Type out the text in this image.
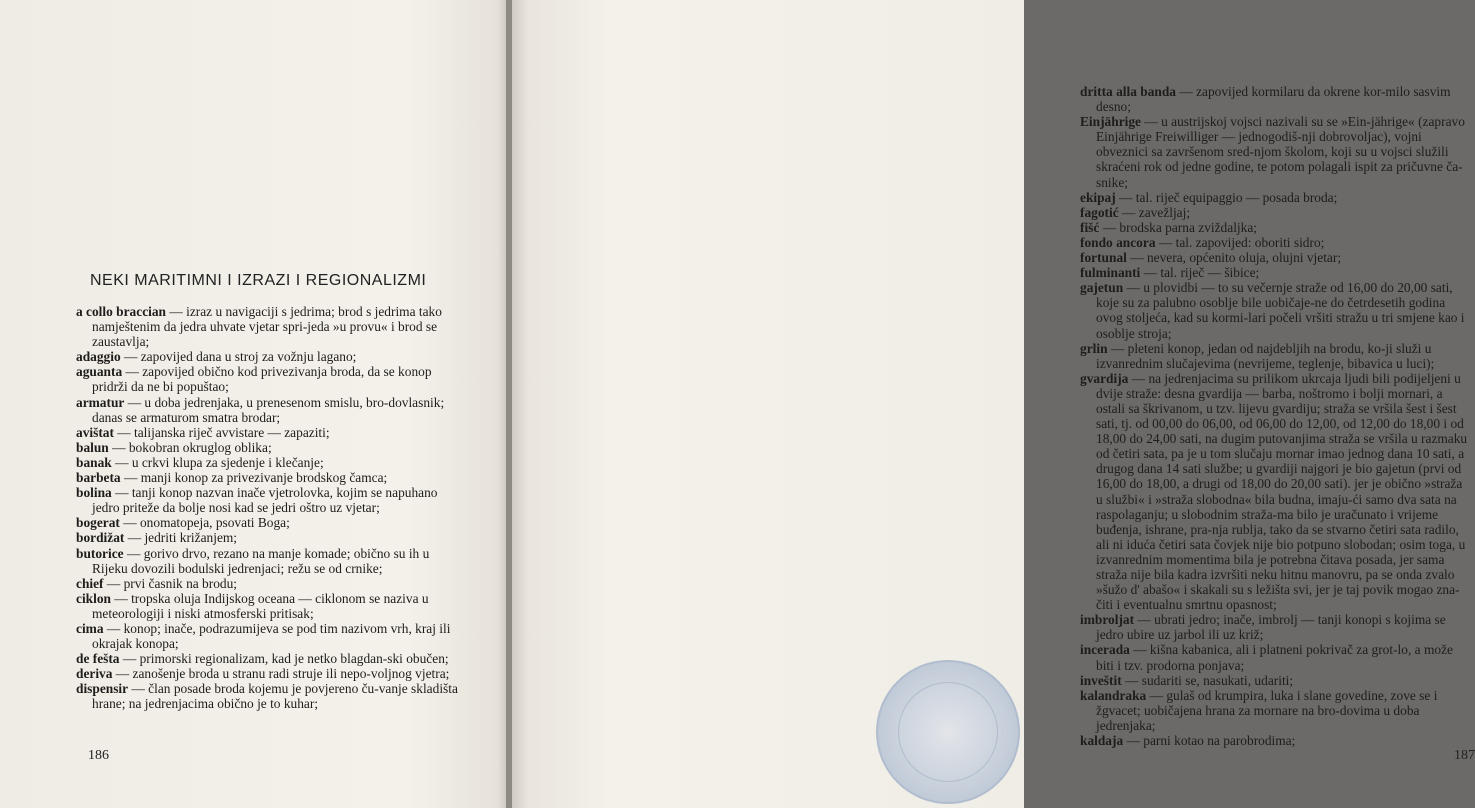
NEKI MARITIMNI I IZRAZI I REGIONALIZMI

a collo braccian — izraz u navigaciji s jedrima; brod s jedrima tako namještenim da jedra uhvate vjetar spri-jeda »u provu« i brod se zaustavlja;

adaggio — zapovijed dana u stroj za vožnju lagano;

aguanta — zapovijed obično kod privezivanja broda, da se konop pridrži da ne bi popuštao;

armatur — u doba jedrenjaka, u prenesenom smislu, bro-dovlasnik; danas se armaturom smatra brodar;

avištat — talijanska riječ avvistare — zapaziti;

balun — bokobran okruglog oblika;

banak — u crkvi klupa za sjedenje i klečanje;

barbeta — manji konop za privezivanje brodskog čamca;

bolina — tanji konop nazvan inače vjetrolovka, kojim se napuhano jedro priteže da bolje nosi kad se jedri oštro uz vjetar;

bogerat — onomatopeja, psovati Boga;

bordižat — jedriti križanjem;

butorice — gorivo drvo, rezano na manje komade; obično su ih u Rijeku dovozili bodulski jedrenjaci; režu se od crnike;

chief — prvi časnik na brodu;

ciklon — tropska oluja Indijskog oceana — ciklonom se naziva u meteorologiji i niski atmosferski pritisak;

cima — konop; inače, podrazumijeva se pod tim nazivom vrh, kraj ili okrajak konopa;

de fešta — primorski regionalizam, kad je netko blagdan-ski obučen;

deriva — zanošenje broda u stranu radi struje ili nepo-voljnog vjetra;

dispensir — član posade broda kojemu je povjereno ču-vanje skladišta hrane; na jedrenjacima obično je to kuhar;

186

dritta alla banda — zapovijed kormilaru da okrene kor-milo sasvim desno;

Einjährige — u austrijskoj vojsci nazivali su se »Ein-jährige« (zapravo Einjährige Freiwilliger — jednogodiš-nji dobrovoljac), vojni obveznici sa završenom sred-njom školom, koji su u vojsci služili skraćeni rok od jedne godine, te potom polagali ispit za pričuvne ča-snike;

ekipaj — tal. riječ equipaggio — posada broda;

fagotić — zavežljaj;

fišć — brodska parna zviždaljka;

fondo ancora — tal. zapovijed: oboriti sidro;

fortunal — nevera, općenito oluja, olujni vjetar;

fulminanti — tal. riječ — šibice;

gajetun — u plovidbi — to su večernje straže od 16,00 do 20,00 sati, koje su za palubno osoblje bile uobičaje-ne do četrdesetih godina ovog stoljeća, kad su kormi-lari počeli vršiti stražu u tri smjene kao i osoblje stroja;

grlin — pleteni konop, jedan od najdebljih na brodu, ko-ji služi u izvanrednim slučajevima (nevrijeme, teglenje, bibavica u luci);

gvardija — na jedrenjacima su prilikom ukrcaja ljudi bili podijeljeni u dvije straže: desna gvardija — barba, noštromo i bolji mornari, a ostali sa škrivanom, u tzv. lijevu gvardiju; straža se vršila šest i šest sati, tj. od 00,00 do 06,00, od 06,00 do 12,00, od 12,00 do 18,00 i od 18,00 do 24,00 sati, na dugim putovanjima straža se vršila u razmaku od četiri sata, pa je u tom slučaju mornar imao jednog dana 10 sati, a drugog dana 14 sati službe; u gvardiji najgori je bio gajetun (prvi od 16,00 do 18,00, a drugi od 18,00 do 20,00 sati). jer je obično »straža u službi« i »straža slobodna« bila budna, imaju-ći samo dva sata na raspolaganju; u slobodnim straža-ma bilo je uračunato i vrijeme buđenja, ishrane, pra-nja rublja, tako da se stvarno četiri sata radilo, ali ni iduća četiri sata čovjek nije bio potpuno slobodan; osim toga, u izvanrednim momentima bila je potrebna čitava posada, jer sama straža nije bila kadra izvršiti neku hitnu manovru, pa se onda zvalo »šužo d' abašo« i skakali su s ležišta svi, jer je taj povik mogao zna-čiti i eventualnu smrtnu opasnost;

imbroljat — ubrati jedro; inače, imbrolj — tanji konopi s kojima se jedro ubire uz jarbol ili uz križ;

incerada — kišna kabanica, ali i platneni pokrivač za grot-lo, a može biti i tzv. prodorna ponjava;

inveštit — sudariti se, nasukati, udariti;

kalandraka — gulaš od krumpira, luka i slane govedine, zove se i žgvacet; uobičajena hrana za mornare na bro-dovima u doba jedrenjaka;

kaldaja — parni kotao na parobrodima;

187
